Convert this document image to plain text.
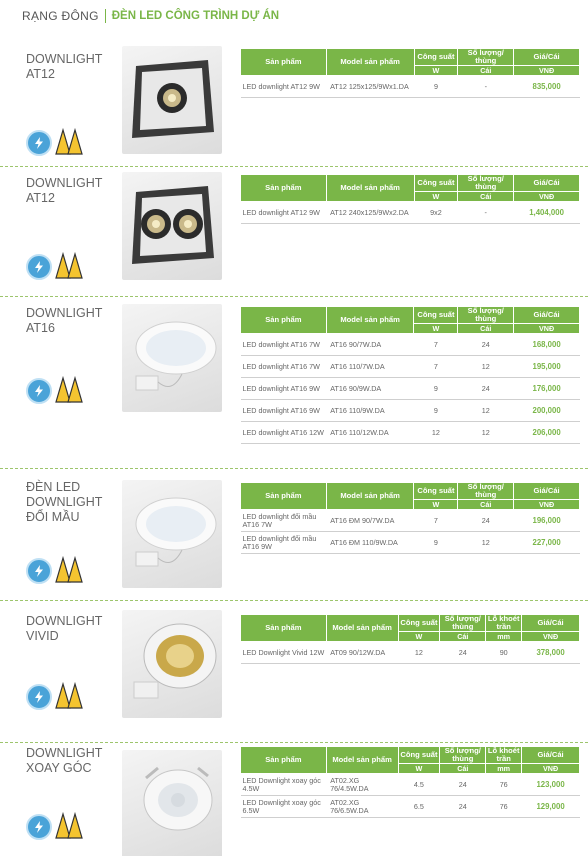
RẠNG ĐÔNG ĐÈN LED CÔNG TRÌNH DỰ ÁN
DOWNLIGHT AT12
Sản phẩm	Model sản phẩm	Công suất	Số lượng/ thùng	Giá/Cái
		W	Cái	VNĐ
LED downlight AT12 9W	AT12 125x125/9Wx1.DA	9	-	835,000
DOWNLIGHT AT12
Sản phẩm	Model sản phẩm	Công suất	Số lượng/ thùng	Giá/Cái
		W	Cái	VNĐ
LED downlight AT12 9W	AT12 240x125/9Wx2.DA	9x2	-	1,404,000
DOWNLIGHT AT16
Sản phẩm	Model sản phẩm	Công suất	Số lượng/ thùng	Giá/Cái
		W	Cái	VNĐ
LED downlight AT16 7W	AT16 90/7W.DA	7	24	168,000
LED downlight AT16 7W	AT16 110/7W.DA	7	12	195,000
LED downlight AT16 9W	AT16 90/9W.DA	9	24	176,000
LED downlight AT16 9W	AT16 110/9W.DA	9	12	200,000
LED downlight AT16 12W	AT16 110/12W.DA	12	12	206,000
ĐÈN LED DOWNLIGHT ĐỔI MẦU
Sản phẩm	Model sản phẩm	Công suất	Số lượng/ thùng	Giá/Cái
		W	Cái	VNĐ
LED downlight đổi mầu AT16 7W	AT16 ĐM 90/7W.DA	7	24	196,000
LED downlight đổi mầu AT16 9W	AT16 ĐM 110/9W.DA	9	12	227,000
DOWNLIGHT VIVID
Sản phẩm	Model sản phẩm	Công suất	Số lượng/ thùng	Lỗ khoét trần	Giá/Cái
		W	Cái	mm	VNĐ
LED Downlight Vivid 12W	AT09 90/12W.DA	12	24	90	378,000
DOWNLIGHT XOAY GÓC
Sản phẩm	Model sản phẩm	Công suất	Số lượng/ thùng	Lỗ khoét trần	Giá/Cái
		W	Cái	mm	VNĐ
LED Downlight xoay góc 4.5W	AT02.XG 76/4.5W.DA	4.5	24	76	123,000
LED Downlight xoay góc 6.5W	AT02.XG 76/6.5W.DA	6.5	24	76	129,000
